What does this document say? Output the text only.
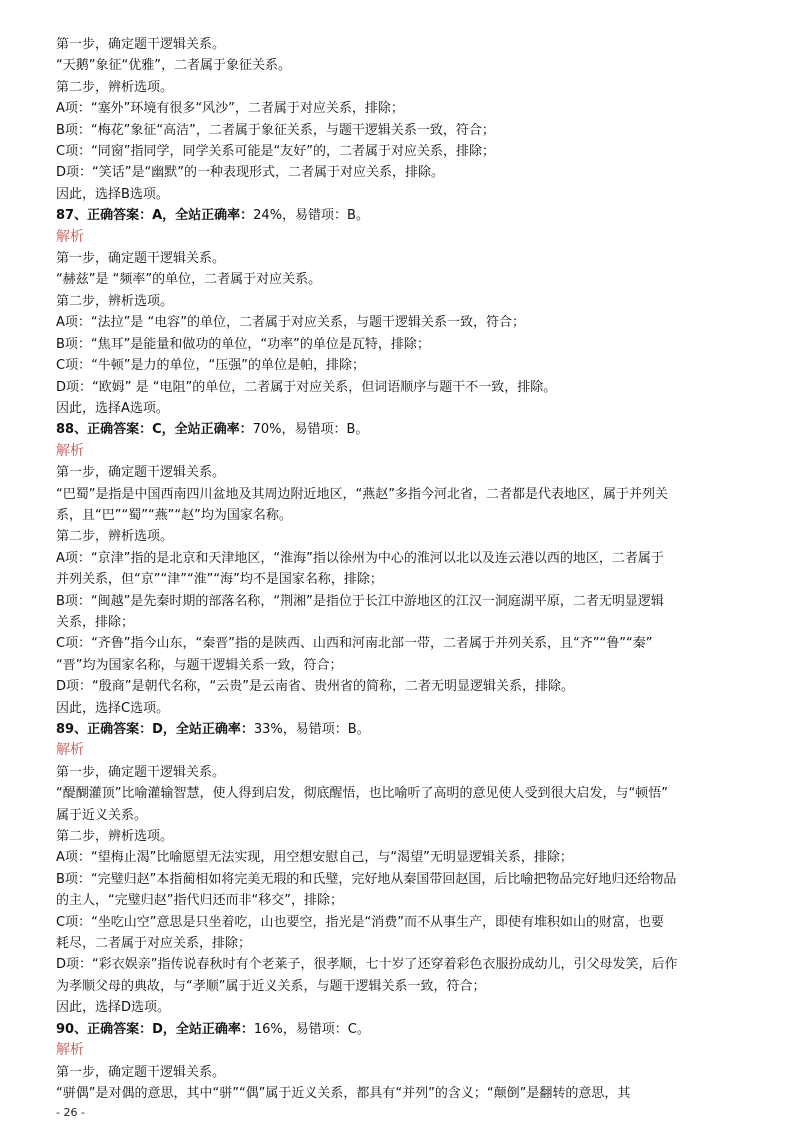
第一步，确定题干逻辑关系。
“天鹅”象征“优雅”，二者属于象征关系。
第二步，辨析选项。
A项：“塞外”环境有很多“风沙”，二者属于对应关系，排除；
B项：“梅花”象征“高洁”，二者属于象征关系，与题干逻辑关系一致，符合；
C项：“同窗”指同学，同学关系可能是“友好”的，二者属于对应关系，排除；
D项：“笑话”是“幽默”的一种表现形式，二者属于对应关系，排除。
因此，选择B选项。
87、正确答案：A，全站正确率：24%，易错项：B。
解析
第一步，确定题干逻辑关系。
“赫兹”是 “频率”的单位，二者属于对应关系。
第二步，辨析选项。
A项：“法拉”是 “电容”的单位，二者属于对应关系，与题干逻辑关系一致，符合；
B项：“焦耳”是能量和做功的单位，“功率”的单位是瓦特，排除；
C项：“牛顿”是力的单位，“压强”的单位是帕，排除；
D项：“欧姆” 是 “电阻”的单位，二者属于对应关系，但词语顺序与题干不一致，排除。
因此，选择A选项。
88、正确答案：C，全站正确率：70%，易错项：B。
解析
第一步，确定题干逻辑关系。
“巴蜀”是指是中国西南四川盆地及其周边附近地区，“燕赵”多指今河北省，二者都是代表地区，属于并列关
系，且“巴”“蜀”“燕”“赵”均为国家名称。
第二步，辨析选项。
A项：“京津”指的是北京和天津地区，“淮海”指以徐州为中心的淮河以北以及连云港以西的地区，二者属于
并列关系，但“京”“津”“淮”“海”均不是国家名称，排除；
B项：“闽越”是先秦时期的部落名称，“荆湘”是指位于长江中游地区的江汉一洞庭湖平原，二者无明显逻辑
关系，排除；
C项：“齐鲁”指今山东，“秦晋”指的是陕西、山西和河南北部一带，二者属于并列关系，且“齐”“鲁”“秦”
“晋”均为国家名称，与题干逻辑关系一致，符合；
D项：“殷商”是朝代名称，“云贵”是云南省、贵州省的简称，二者无明显逻辑关系，排除。
因此，选择C选项。
89、正确答案：D，全站正确率：33%，易错项：B。
解析
第一步，确定题干逻辑关系。
“醍醐灌顶”比喻灌输智慧，使人得到启发，彻底醒悟，也比喻听了高明的意见使人受到很大启发，与“顿悟”
属于近义关系。
第二步，辨析选项。
A项：“望梅止渴”比喻愿望无法实现，用空想安慰自己，与“渴望”无明显逻辑关系，排除；
B项：“完璧归赵”本指蔺相如将完美无瑕的和氏璧，完好地从秦国带回赵国，后比喻把物品完好地归还给物品
的主人，“完璧归赵”指代归还而非“移交”，排除；
C项：“坐吃山空”意思是只坐着吃，山也要空，指光是“消费”而不从事生产，即使有堆积如山的财富，也要
耗尽，二者属于对应关系，排除；
D项：“彩衣娱亲”指传说春秋时有个老莱子，很孝顺，七十岁了还穿着彩色衣服扮成幼儿，引父母发笑，后作
为孝顺父母的典故，与“孝顺”属于近义关系，与题干逻辑关系一致，符合；
因此，选择D选项。
90、正确答案：D，全站正确率：16%，易错项：C。
解析
第一步，确定题干逻辑关系。
“骈偶”是对偶的意思，其中“骈”“偶”属于近义关系，都具有“并列”的含义；“颠倒”是翻转的意思，其
- 26 -
